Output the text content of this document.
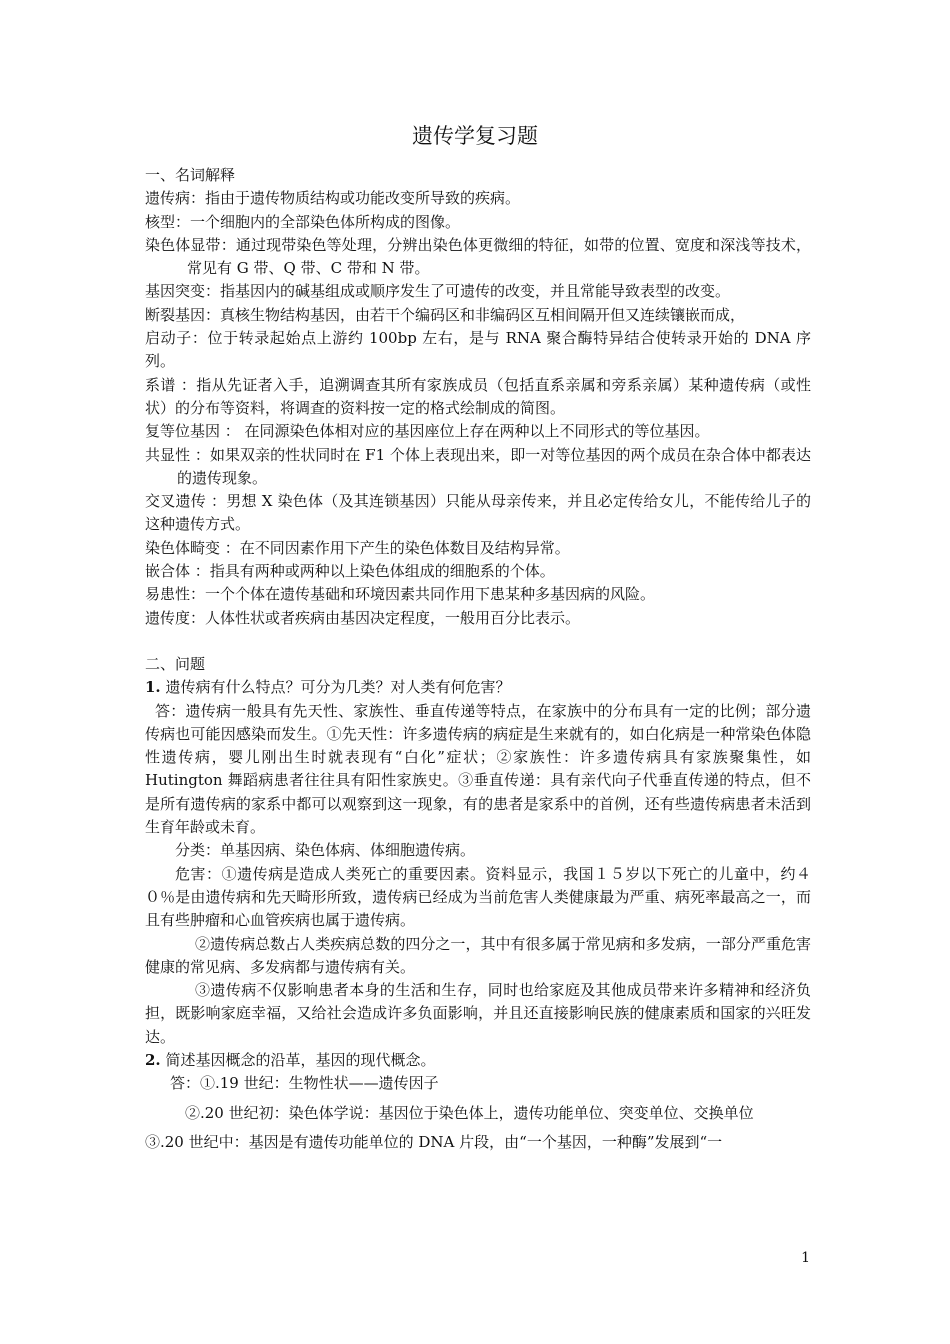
遗传学复习题

一、名词解释

遗传病：指由于遗传物质结构或功能改变所导致的疾病。

核型：一个细胞内的全部染色体所构成的图像。

染色体显带：通过现带染色等处理，分辨出染色体更微细的特征，如带的位置、宽度和深浅等技术，常见有 G 带、Q 带、C 带和 N 带。

基因突变：指基因内的碱基组成或顺序发生了可遗传的改变，并且常能导致表型的改变。

断裂基因：真核生物结构基因，由若干个编码区和非编码区互相间隔开但又连续镶嵌而成，

启动子：位于转录起始点上游约 100bp 左右，是与 RNA 聚合酶特异结合使转录开始的 DNA 序列。

系谱 ：指从先证者入手，追溯调查其所有家族成员（包括直系亲属和旁系亲属）某种遗传病（或性状）的分布等资料，将调查的资料按一定的格式绘制成的简图。

复等位基因 ： 在同源染色体相对应的基因座位上存在两种以上不同形式的等位基因。

共显性 ：如果双亲的性状同时在 F1 个体上表现出来，即一对等位基因的两个成员在杂合体中都表达的遗传现象。

交叉遗传 ：男想 X 染色体（及其连锁基因）只能从母亲传来，并且必定传给女儿，不能传给儿子的这种遗传方式。

染色体畸变 ：在不同因素作用下产生的染色体数目及结构异常。

嵌合体 ：指具有两种或两种以上染色体组成的细胞系的个体。

易患性：一个个体在遗传基础和环境因素共同作用下患某种多基因病的风险。

遗传度：人体性状或者疾病由基因决定程度，一般用百分比表示。

二、问题

1. 遗传病有什么特点？可分为几类？对人类有何危害？

答：遗传病一般具有先天性、家族性、垂直传递等特点，在家族中的分布具有一定的比例；部分遗传病也可能因感染而发生。①先天性：许多遗传病的病症是生来就有的，如白化病是一种常染色体隐性遗传病，婴儿刚出生时就表现有“白化”症状；②家族性：许多遗传病具有家族聚集性，如 Hutington 舞蹈病患者往往具有阳性家族史。③垂直传递：具有亲代向子代垂直传递的特点，但不是所有遗传病的家系中都可以观察到这一现象，有的患者是家系中的首例，还有些遗传病患者未活到生育年龄或未育。

分类：单基因病、染色体病、体细胞遗传病。

危害：①遗传病是造成人类死亡的重要因素。资料显示，我国１５岁以下死亡的儿童中，约４０％是由遗传病和先天畸形所致，遗传病已经成为当前危害人类健康最为严重、病死率最高之一，而且有些肿瘤和心血管疾病也属于遗传病。

②遗传病总数占人类疾病总数的四分之一，其中有很多属于常见病和多发病，一部分严重危害健康的常见病、多发病都与遗传病有关。

③遗传病不仅影响患者本身的生活和生存，同时也给家庭及其他成员带来许多精神和经济负担，既影响家庭幸福，又给社会造成许多负面影响，并且还直接影响民族的健康素质和国家的兴旺发达。

2. 简述基因概念的沿革，基因的现代概念。

答：①.19 世纪：生物性状——遗传因子

②.20 世纪初：染色体学说：基因位于染色体上，遗传功能单位、突变单位、交换单位

③.20 世纪中：基因是有遗传功能单位的 DNA 片段，由“一个基因，一种酶”发展到“一

1
